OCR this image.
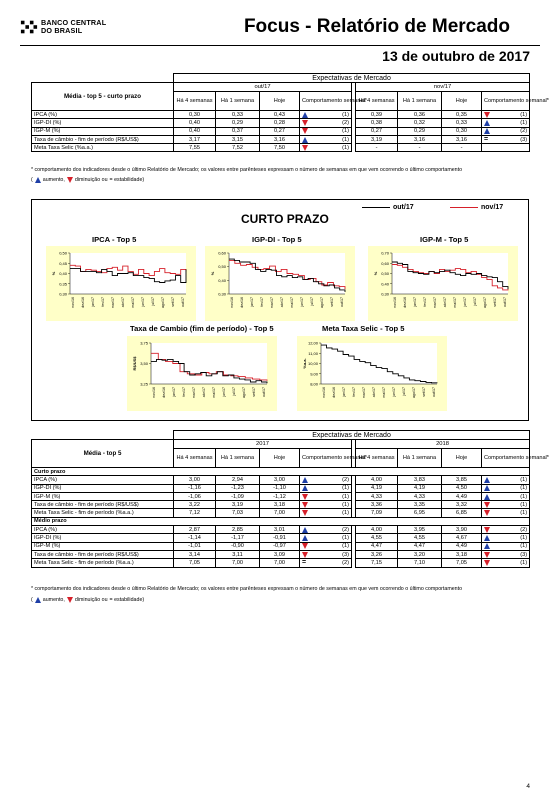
BANCO CENTRAL
DO BRASIL	Focus - Relatório de Mercado
13 de outubro de 2017
	Expectativas de Mercado								
Média - top 5 - curto prazo	out/17					nov/17			
	Há 4 semanas	Há 1 semana	Hoje	Comportamento semanal*		Há 4 semanas	Há 1 semana	Hoje	Comportamento semanal*
IPCA (%)	0,30	0,33	0,43	(1)		0,39	0,36	0,35	(1)

IGP-DI (%)	0,40	0,29	0,28	(2)		0,38	0,32	0,33	(1)

IGP-M (%)	0,40	0,37	0,27	(1)		0,27	0,29	0,30	(2)

Taxa de câmbio - fim de período (R$/US$)	3,17	3,15	3,16	(1)		3,19	3,16	3,16	= (3)

Meta Taxa Selic (%a.a.)	7,55	7,52	7,50	(1)		-	-	-	
* comportamento dos indicadores desde o último Relatório de Mercado; os valores entre parênteses expressam o número de semanas em que vem ocorrendo o último comportamento
( aumento, diminuição ou = estabilidade)
out/17	nov/17
CURTO PRAZO
IPCA - Top 5	IGP-DI - Top 5	IGP-M - Top 5
Taxa de Cambio (fim de período) - Top 5	Meta Taxa Selic - Top 5
0,50
0,45
0,40
0,35
0,30
%
nov/16 dez/16 jan/17 fev/17 mar/17 abr/17 mai/17 jun/17 jul/17 ago/17 set/17 out/17
0,60
0,50
0,40
0,30
%
nov/16 dez/16 jan/17 fev/17 mar/17 abr/17 mai/17 jun/17 jul/17 ago/17 set/17 out/17
0,70
0,60
0,50
0,40
0,30
%
nov/16 dez/16 jan/17 fev/17 mar/17 abr/17 mai/17 jun/17 jul/17 ago/17 set/17 out/17
3,75
3,50
3,25
R$/US$
nov/16 dez/16 jan/17 fev/17 mar/17 abr/17 mai/17 jun/17 jul/17 ago/17 set/17 out/17
12,00
11,00
10,00
9,00
8,00
%a.a.
nov/16 dez/16 jan/17 fev/17 mar/17 abr/17 mai/17 jun/17 jul/17 ago/17 set/17 out/17
	Expectativas de Mercado								
Média - top 5	2017					2018			
	Há 4 semanas	Há 1 semana	Hoje	Comportamento semanal*		Há 4 semanas	Há 1 semana	Hoje	Comportamento semanal*
Curto prazo									
IPCA (%)	3,00	2,94	3,00	(2)		4,00	3,83	3,85	(1)

IGP-DI (%)	-1,16	-1,23	-1,10	(1)		4,19	4,19	4,50	(1)

IGP-M (%)	-1,06	-1,09	-1,12	(1)		4,33	4,33	4,49	(1)

Taxa de câmbio - fim de período (R$/US$)	3,22	3,19	3,18	(1)		3,36	3,35	3,32	(1)

Meta Taxa Selic - fim de período (%a.a.)	7,12	7,03	7,00	(1)		7,09	6,95	6,85	(1)

Médio prazo									
IPCA (%)	2,87	2,85	3,01	(2)		4,00	3,95	3,90	(2)

IGP-DI (%)	-1,14	-1,17	-0,91	(1)		4,55	4,55	4,67	(1)

IGP-M (%)	-1,01	-0,90	-0,97	(1)		4,47	4,47	4,49	(1)

Taxa de câmbio - fim de período (R$/US$)	3,14	3,11	3,09	(3)		3,26	3,20	3,18	(3)

Meta Taxa Selic - fim de período (%a.a.)	7,05	7,00	7,00	= (2)		7,15	7,10	7,05	(1)
* comportamento dos indicadores desde o último Relatório de Mercado; os valores entre parênteses expressam o número de semanas em que vem ocorrendo o último comportamento
( aumento, diminuição ou = estabilidade)
4
